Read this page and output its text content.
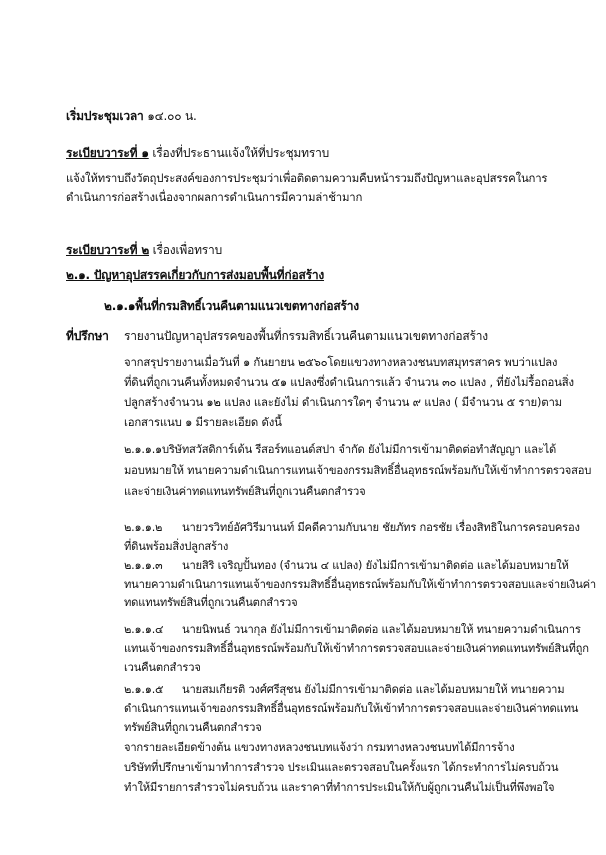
เริ่มประชุมเวลา ๑๔.๐๐ น.
ระเบียบวาระที่ ๑ เรื่องที่ประธานแจ้งให้ที่ประชุมทราบ
แจ้งให้ทราบถึงวัตถุประสงค์ของการประชุมว่าเพื่อติดตามความคืบหน้ารวมถึงปัญหาและอุปสรรคในการ
ดำเนินการก่อสร้างเนื่องจากผลการดำเนินการมีความล่าช้ามาก
ระเบียบวาระที่ ๒ เรื่องเพื่อทราบ
๒.๑. ปัญหาอุปสรรคเกี่ยวกับการส่งมอบพื้นที่ก่อสร้าง
๒.๑.๑พื้นที่กรมสิทธิ์เวนคืนตามแนวเขตทางก่อสร้าง
ที่ปรึกษา รายงานปัญหาอุปสรรคของพื้นที่กรรมสิทธิ์เวนคืนตามแนวเขตทางก่อสร้าง
จากสรุปรายงานเมื่อวันที่ ๑ กันยายน ๒๕๖๐โดยแขวงทางหลวงชนบทสมุทรสาคร พบว่าแปลง
ที่ดินที่ถูกเวนคืนทั้งหมดจำนวน ๕๑ แปลงซึ่งดำเนินการแล้ว จำนวน ๓๐ แปลง , ที่ยังไม่รื้อถอนสิ่ง
ปลูกสร้างจำนวน ๑๒ แปลง และยังไม่ ดำเนินการใดๆ จำนวน ๙ แปลง ( มีจำนวน ๕ ราย)ตาม
เอกสารแนบ ๑ มีรายละเอียด ดังนี้
๒.๑.๑.๑บริษัทสวัสดิการ์เด้น รีสอร์ทแอนด์สปา จำกัด ยังไม่มีการเข้ามาติดต่อทำสัญญา และได้
มอบหมายให้ ทนายความดำเนินการแทนเจ้าของกรรมสิทธิ์อื่นอุทธรณ์พร้อมกับให้เข้าทำการตรวจสอบ
และจ่ายเงินค่าทดแทนทรัพย์สินที่ถูกเวนคืนตกสำรวจ
๒.๑.๑.๒ นายวรวิทย์อัศวิรีมานนท์ มีคดีความกับนาย ชัยภัทร กอรชัย เรื่องสิทธิในการครอบครอง
ที่ดินพร้อมสิ่งปลูกสร้าง
๒.๑.๑.๓ นายสิริ เจริญปั้นทอง (จำนวน ๔ แปลง) ยังไม่มีการเข้ามาติดต่อ และได้มอบหมายให้
ทนายความดำเนินการแทนเจ้าของกรรมสิทธิ์อื่นอุทธรณ์พร้อมกับให้เข้าทำการตรวจสอบและจ่ายเงินค่า
ทดแทนทรัพย์สินที่ถูกเวนคืนตกสำรวจ
๒.๑.๑.๔ นายนิพนธ์ วนากุล ยังไม่มีการเข้ามาติดต่อ และได้มอบหมายให้ ทนายความดำเนินการ
แทนเจ้าของกรรมสิทธิ์อื่นอุทธรณ์พร้อมกับให้เข้าทำการตรวจสอบและจ่ายเงินค่าทดแทนทรัพย์สินที่ถูก
เวนคืนตกสำรวจ
๒.๑.๑.๕ นายสมเกียรติ วงศ์ศรีสุชน ยังไม่มีการเข้ามาติดต่อ และได้มอบหมายให้ ทนายความ
ดำเนินการแทนเจ้าของกรรมสิทธิ์อื่นอุทธรณ์พร้อมกับให้เข้าทำการตรวจสอบและจ่ายเงินค่าทดแทน
ทรัพย์สินที่ถูกเวนคืนตกสำรวจ
จากรายละเอียดข้างต้น แขวงทางหลวงชนบทแจ้งว่า กรมทางหลวงชนบทได้มีการจ้าง
บริษัทที่ปรึกษาเข้ามาทำการสำรวจ ประเมินและตรวจสอบในครั้งแรก ได้กระทำการไม่ครบถ้วน
ทำให้มีรายการสำรวจไม่ครบถ้วน และราคาที่ทำการประเมินให้กับผู้ถูกเวนคืนไม่เป็นที่พึงพอใจ
